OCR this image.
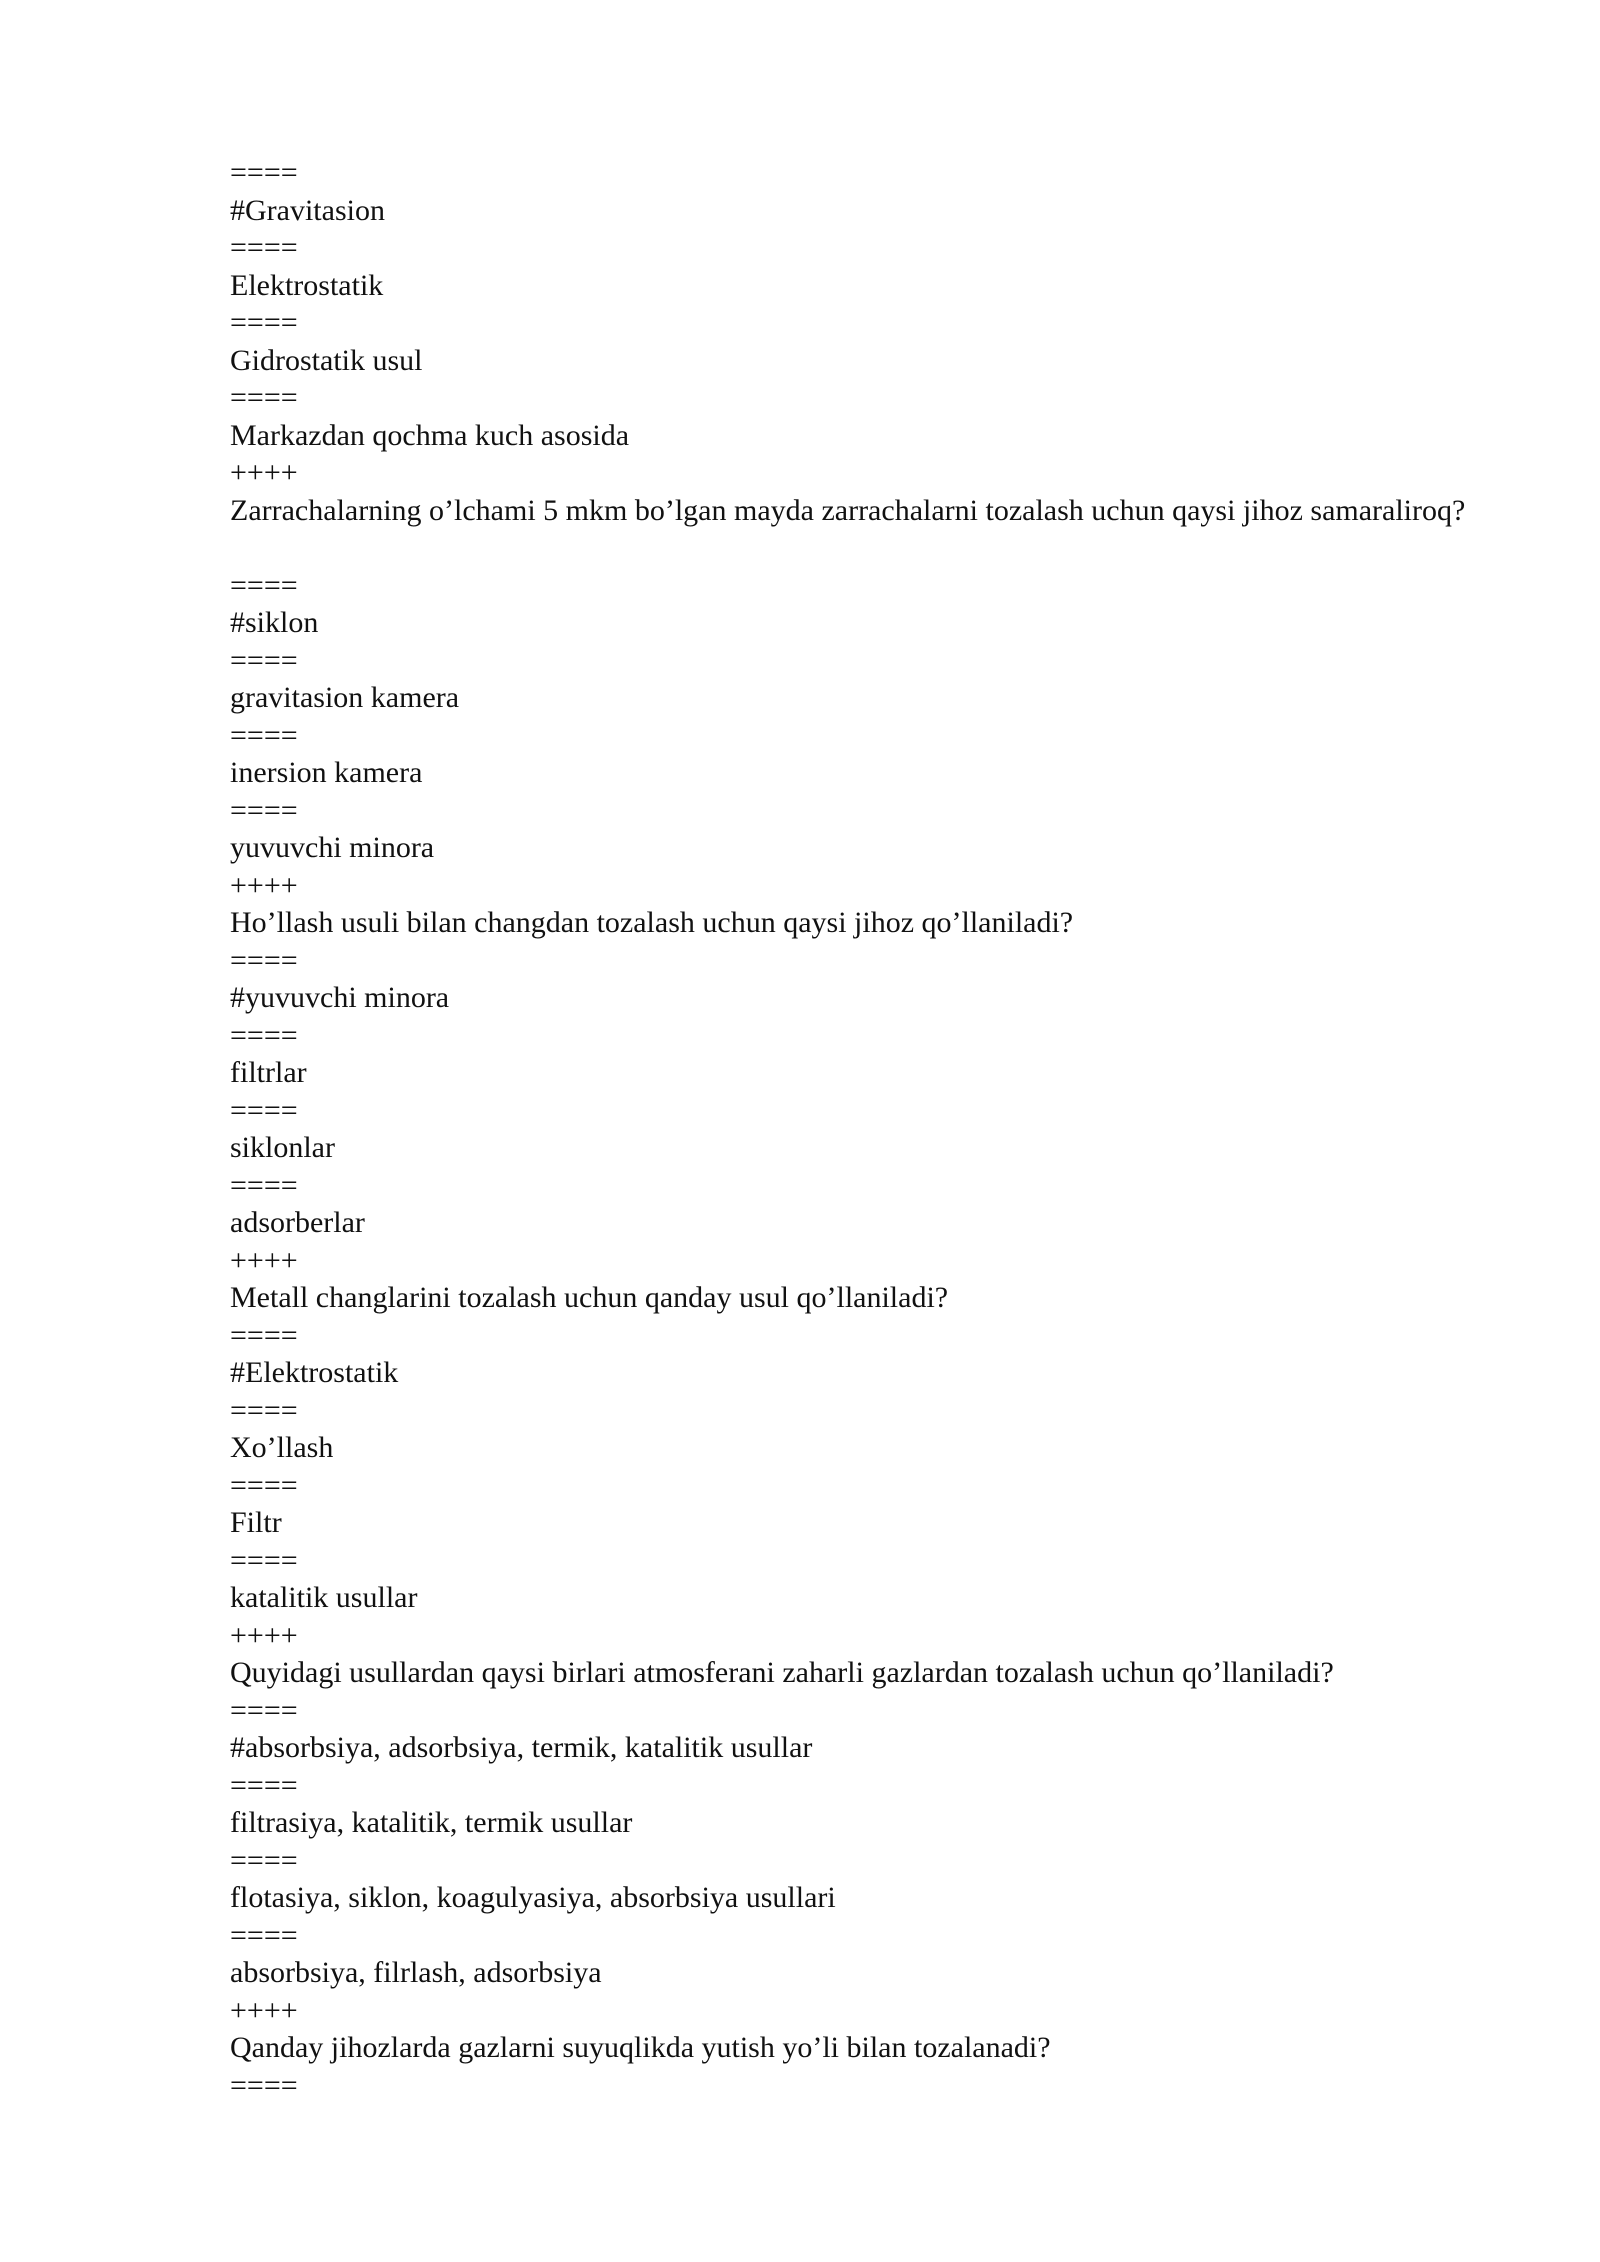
====

#Gravitasion

====

Elektrostatik

====

Gidrostatik usul

====

Markazdan qochma kuch asosida

++++

Zarrachalarning o’lchami 5 mkm bo’lgan mayda zarrachalarni tozalash uchun qaysi jihoz samaraliroq?

====

#siklon

====

gravitasion kamera

====

inersion kamera

====

yuvuvchi minora

++++

Ho’llash usuli bilan changdan tozalash uchun qaysi jihoz qo’llaniladi?

====

#yuvuvchi minora

====

filtrlar

====

siklonlar

====

adsorberlar

++++

Metall changlarini tozalash uchun qanday usul qo’llaniladi?

====

#Elektrostatik

====

Xo’llash

====

Filtr

====

katalitik usullar

++++

Quyidagi usullardan qaysi birlari atmosferani zaharli gazlardan tozalash uchun qo’llaniladi?

====

#absorbsiya, adsorbsiya, termik, katalitik usullar

====

filtrasiya, katalitik, termik usullar

====

flotasiya, siklon, koagulyasiya, absorbsiya usullari

====

absorbsiya, filrlash, adsorbsiya

++++

Qanday jihozlarda gazlarni suyuqlikda yutish yo’li bilan tozalanadi?

====
